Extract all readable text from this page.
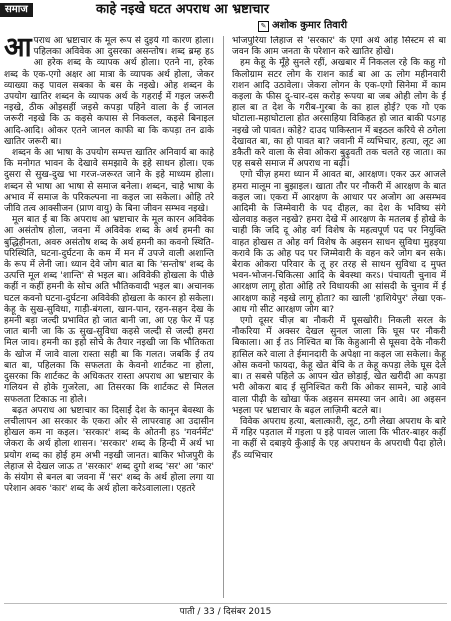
समाज	काहे नइखे घटत अपराध आ भ्रष्टाचार
✎ अशोक कुमार तिवारी

आपराध आ भ्रष्टाचार के मूल रूप से दुइये गो कारण होला। पहिलका अविवेक आ दुसरका असन्तोष। शब्द ब्रम्ह हऽ आ हरेक शब्द के व्यापक अर्थ होला। एतने ना, हरेक शब्द के एक-एगो अक्षर आ मात्रा के व्यापक अर्थ होला, जेकर व्याख्या कइ पावल सबका के बस के नइखे। ओह शब्दन के उपयोग खातिर शब्दन के व्यापक अर्थ के गहराई में गइल जरूरी नइखे, ठीक ओइसहीं जइसे कपड़ा पहिने वाला के ई जानल जरूरी नइखे कि ऊ कइसे कपास से निकलल, कइसे बिनाइल आदि-आदि। ओकर एतने जानल काफी बा कि कपड़ा तन ढाके खातिर जरूरी बा।

शब्दन के आ भाषा के उपयोग सम्पत्त खातिर अनिवार्य बा काहे कि मनोगत भावन के देखावे समझावे के इहे साधन होला। एक दुसरा से सुख-दुख भा गरज-जरूरत जाने के इहे माध्यम होला। शब्दन से भाषा आ भाषा से समाज बनेला। शब्दन, चाहे भाषा के अभाव में समाज के परिकल्पना ना कइल जा सकेला। ओहि तरे जीवि तत्व आक्सीजन (प्राण वायु) के बिना जीवन सम्भव नइखे।

मूल बात ई बा कि अपराध आ भ्रष्टाचार के मूल कारन अविवेक आ असंतोष होला, जवना में अविवेक शब्द के अर्थ हमनी का बुद्धिहीनता, अवरु असंतोष शब्द के अर्थ हमनी का कवनो स्थिति-परिस्थिति, घटना-दुर्घटना के कम में मन में उपजे वाली अशान्ति के रूप में लेनी जा। ध्यान देवे जोग बात बा कि 'सन्तोष' शब्द के उत्पत्ति मूल शब्द 'शान्ति' से भइल बा। अविवेकी होखला के पीछे कहीं न कहीं हमनी के सोच अति भौतिकवादी भइल बा। अचानक घटल कवनो घटना-दुर्घटना अविवेकी होखला के कारन हो सकेला। केहू के सुख-सुविधा, गाड़ी-बंगला, खान-पान, रहन-सहन देख के हमनी बड़ा जल्दी प्रभावित हो जात बानी जा, आ एह फेर में पड़ जात बानी जा कि ऊ सुख-सुविधा कइसे जल्दी से जल्दी हमरा मिल जाव। हमनी का इहो सोचे के तैयार नइखी जा कि भौतिकता के खोज में जावे वाला रास्ता सही बा कि गलत। जबकि ई तय बात बा, पहिलका कि सफलता के केवनो शार्टकट ना होला, दुसरका कि शार्टकट के अधिकतर रास्ता अपराध आ भ्रष्टाचार के गलियन से होके गुजरेला, आ तिसरका कि शार्टकट से मिलल सफलता टिकाऊ ना होले।

बढ़त अपराध आ भ्रष्टाचार का दिसाईं देश के कानून बेवस्था के लचीलापन आ सरकार के एकरा ओर से लापरवाह आ उदासीन होखल कम ना कइल। 'सरकार' शब्द के ओतनी हऽ 'गवर्नमेंट' जेकरा के अर्थ होला शासन। 'सरकार' शब्द के हिन्दी में अर्थ भा प्रयोग शब्द का होई हम अभी नइखी जानत। बाकिर भोजपुरी के लेहाज से देखल जाऊ त 'सरकार' शब्द दुगो शब्द 'सर' आ 'कार' के संयोग से बनल बा जवना में 'सर' शब्द के अर्थ होला लगा या परेशान अवरु 'कार' शब्द के अर्थ होला करेऽवालाला। एहतरे

भोजपुरिया लिहाज से 'सरकार' के एगो अर्थ ओह सिस्टम से बा जवन कि आम जनता के परेशान करे खातिर होखे।

हम केहू के मूँहे सुनले रहीं, अखबार में निकलल रहे कि कहु गो किलोग्राम सटर लोग के राशन कार्ड बा आ ऊ लोग महीनवारी राशन आदि उठावेला। जेकरा लोगन के एक-एगो सिनेमा में काम कइला के फीस दु-चार-दस करोड़ रूपया बा जब ओही लोग के ई हाल बा त देश के गरीब-गुरबा के का हाल होई? एक गो एक घोटाला-महाघोटाला होत अरसाहिया विकिहत हो जात बाकी पऽगह नइखे जो पावत। कोहे? दाउद पाकिस्तान में बइठल करिये से ठगेला देखावत बा, का हो पावत बा? जवानी में व्यभिचार, हत्या, लूट आ डकैती करे वाला के सेवा ओकरा बुढ़ुवती तक चलते रह जाता। का एह सबसे समाज में अपराध ना बढ़ी।

एगो चीज़ हमरा ध्यान में आवत बा, आरक्षण। एकर ऊर आजले हमरा मालूम ना बुझाइल। खाता तौर पर नौकरी में आरक्षण के बात कइल जा। एकरा में आरक्षण के आधार पर अजोग आ असम्भव आदिमी के जिम्मेवारी के पद दीहल, का देश के भविष्य संगे खेलवाड़ कइल नइखे? हमरा देखे में आरक्षण के मतलब ई होखे के चाही कि जदि दू ओह वर्ग विशेष के महत्वपूर्ण पद पर नियुक्ति वाहत होखस त ओह वर्ग विशेष के अइसन साधन सुविधा मुहइया करावे कि ऊ ओह पद पर जिम्मेवारी के वहन करे जोग बन सके। बेराक ओकरा परिवार के तू हर तरह से साधन सुविधा द मुफ्त भवन-भोजन-चिकित्सा आदि के बेवस्था करऽ। पंचायती चुनाव में आरक्षण लागू होता ओहि तरे विधायकी आ सांसदी के चुनाव में ई आरक्षण काहे नइखे लागू होता? का खाली 'हाशियेपुर' लेखा एक-आध गो सीट आरक्षण जोग बा?

एगो दूसर चीज़ बा नौकरी में घूसखोरी। निकली सरल के नौकरिया में अक्सर देखल सुनल जाला कि घूस पर नौकरी बिकाला। आ ई तऽ निश्चित बा कि केहुआनी से घूसवा देके नौकरी हासिल करे वाला ते ईमानदारी के अपेक्षा ना कइल जा सकेला। केहू ओस कवनो फायदा, केहू खेत बेचि के त केहू कपड़ा लेके घूस देले बा। त सबसे पहिले ऊ आपन खेत छोड़ाई, खेत खरीदी आ कपड़ा भरी ओकरा बाद ई सुनिश्चित करी कि ओकर सामने, चाहे आवे वाला पीढ़ी के खोखा फेंक अइसन समस्या जन आवे। आ अइसन भइला पर भ्रष्टाचार के बढ़ल लाज़िमी बटले बा।

विवेक अपराध हत्या, बलात्कारी, लूट, ठगी लेखा अपराध के बारे में गहिर पड़ताल में गइला प इहे पावल जाला कि भीतर-बाहर कहीं ना कहीं से दबाइये कुँआई के एह अपराधन के अपराधी पैदा होले। हँऽ व्यभिचार

पाती / 33 / दिसंबर 2015
